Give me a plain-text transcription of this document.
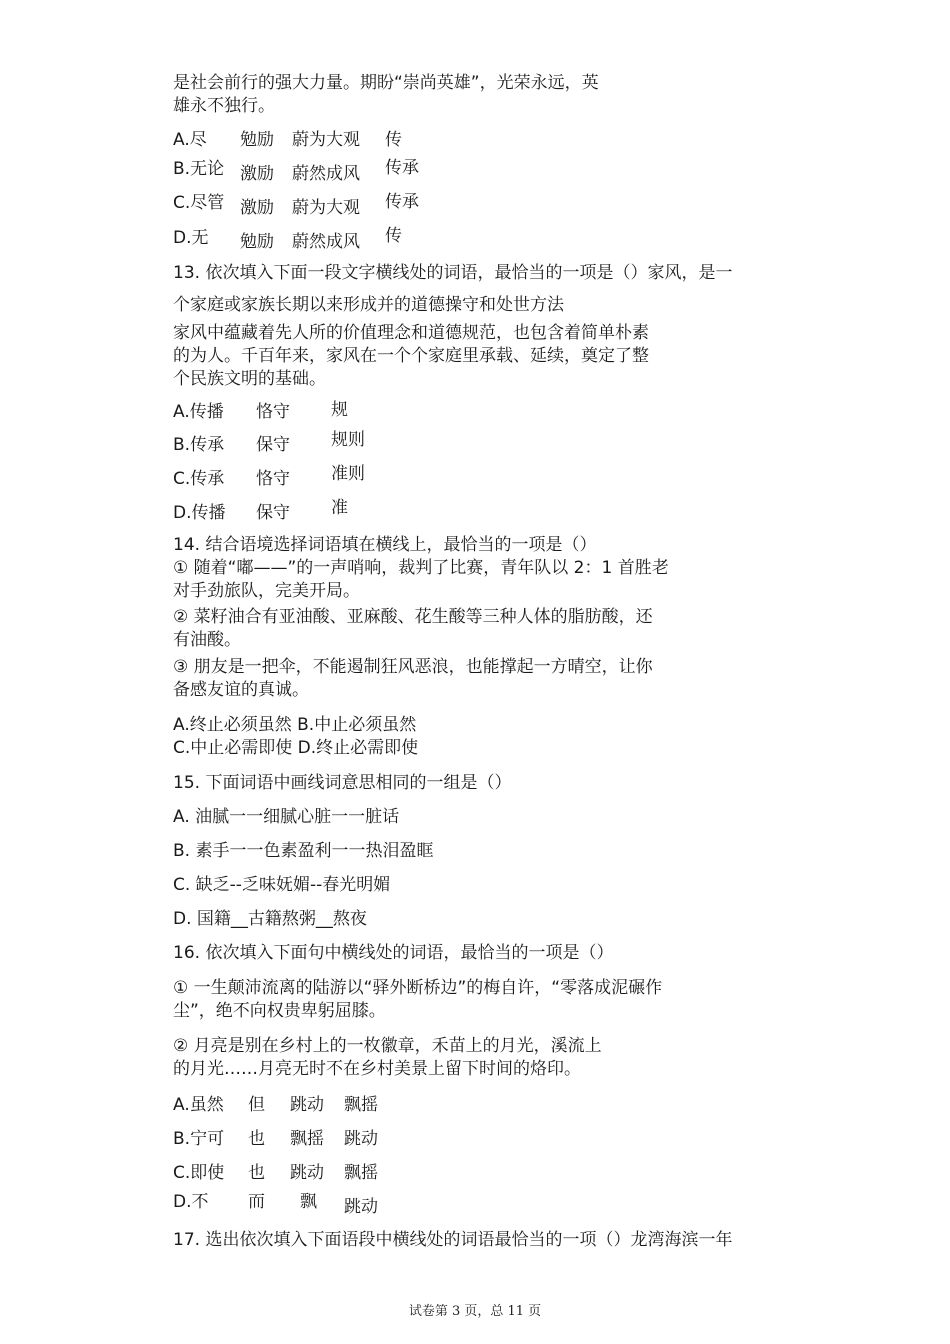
是社会前行的强大力量。期盼“崇尚英雄”，光荣永远，英
雄永不独行。
A.尽 勉励 蔚为大观 传
B.无论 激励 蔚然成风 传承
C.尽管 激励 蔚为大观 传承
D.无 勉励 蔚然成风 传
13. 依次填入下面一段文字横线处的词语，最恰当的一项是（）家风，是一
个家庭或家族长期以来形成并的道德操守和处世方法
家风中蕴藏着先人所的价值理念和道德规范，也包含着简单朴素
的为人。千百年来，家风在一个个家庭里承载、延续，奠定了整
个民族文明的基础。
A.传播 恪守 规
B.传承 保守 规则
C.传承 恪守 准则
D.传播 保守 准
14. 结合语境选择词语填在横线上，最恰当的一项是（）
① 随着“嘟——”的一声哨响，裁判了比赛，青年队以 2：1 首胜老
对手劲旅队，完美开局。
② 菜籽油合有亚油酸、亚麻酸、花生酸等三种人体的脂肪酸，还
有油酸。
③ 朋友是一把伞，不能遏制狂风恶浪，也能撑起一方晴空，让你
备感友谊的真诚。
A.终止必须虽然 B.中止必须虽然
C.中止必需即使 D.终止必需即使
15. 下面词语中画线词意思相同的一组是（）
A. 油腻一一细腻心脏一一脏话
B. 素手一一色素盈利一一热泪盈眶
C. 缺乏--乏味妩媚--春光明媚
D. 国籍__古籍熬粥__熬夜
16. 依次填入下面句中横线处的词语，最恰当的一项是（）
① 一生颠沛流离的陆游以“驿外断桥边”的梅自许，“零落成泥碾作
尘”，绝不向权贵卑躬屈膝。
② 月亮是别在乡村上的一枚徽章，禾苗上的月光，溪流上
的月光……月亮无时不在乡村美景上留下时间的烙印。
A.虽然 但 跳动 飘摇
B.宁可 也 飘摇 跳动
C.即使 也 跳动 飘摇
D.不 而 飘 跳动
17. 选出依次填入下面语段中横线处的词语最恰当的一项（）龙湾海滨一年
试卷第 3 页，总 11 页
